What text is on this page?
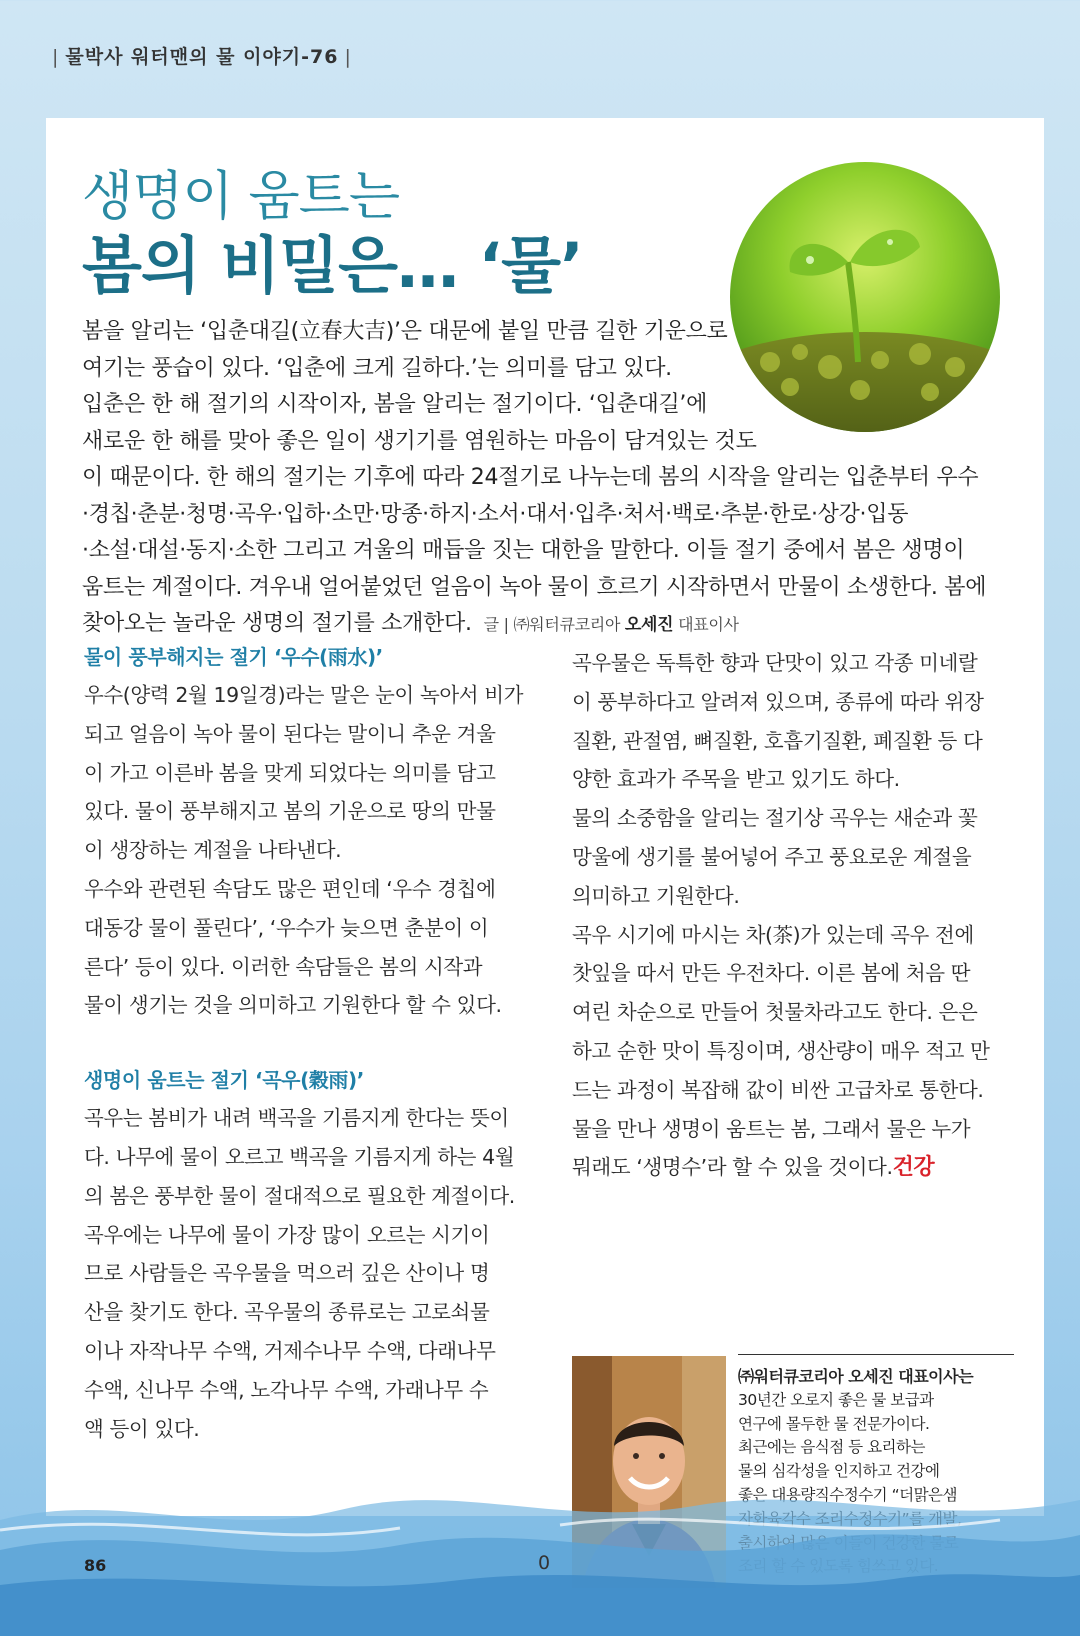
| 물박사 워터맨의 물 이야기-76 |
생명이 움트는
봄의 비밀은… ‘물’
봄을 알리는 ‘입춘대길(立春大吉)’은 대문에 붙일 만큼 길한 기운으로
여기는 풍습이 있다. ‘입춘에 크게 길하다.’는 의미를 담고 있다.
입춘은 한 해 절기의 시작이자, 봄을 알리는 절기이다. ‘입춘대길’에
새로운 한 해를 맞아 좋은 일이 생기기를 염원하는 마음이 담겨있는 것도
이 때문이다. 한 해의 절기는 기후에 따라 24절기로 나누는데 봄의 시작을 알리는 입춘부터 우수
·경칩·춘분·청명·곡우·입하·소만·망종·하지·소서·대서·입추·처서·백로·추분·한로·상강·입동
·소설·대설·동지·소한 그리고 겨울의 매듭을 짓는 대한을 말한다. 이들 절기 중에서 봄은 생명이
움트는 계절이다. 겨우내 얼어붙었던 얼음이 녹아 물이 흐르기 시작하면서 만물이 소생한다. 봄에
찾아오는 놀라운 생명의 절기를 소개한다. 글 | ㈜워터큐코리아 오세진 대표이사
물이 풍부해지는 절기 ‘우수(雨水)’
우수(양력 2월 19일경)라는 말은 눈이 녹아서 비가
되고 얼음이 녹아 물이 된다는 말이니 추운 겨울
이 가고 이른바 봄을 맞게 되었다는 의미를 담고
있다. 물이 풍부해지고 봄의 기운으로 땅의 만물
이 생장하는 계절을 나타낸다.
우수와 관련된 속담도 많은 편인데 ‘우수 경칩에
대동강 물이 풀린다’, ‘우수가 늦으면 춘분이 이
른다’ 등이 있다. 이러한 속담들은 봄의 시작과
물이 생기는 것을 의미하고 기원한다 할 수 있다.
생명이 움트는 절기 ‘곡우(穀雨)’
곡우는 봄비가 내려 백곡을 기름지게 한다는 뜻이
다. 나무에 물이 오르고 백곡을 기름지게 하는 4월
의 봄은 풍부한 물이 절대적으로 필요한 계절이다.
곡우에는 나무에 물이 가장 많이 오르는 시기이
므로 사람들은 곡우물을 먹으러 깊은 산이나 명
산을 찾기도 한다. 곡우물의 종류로는 고로쇠물
이나 자작나무 수액, 거제수나무 수액, 다래나무
수액, 신나무 수액, 노각나무 수액, 가래나무 수
액 등이 있다.
곡우물은 독특한 향과 단맛이 있고 각종 미네랄
이 풍부하다고 알려져 있으며, 종류에 따라 위장
질환, 관절염, 뼈질환, 호흡기질환, 폐질환 등 다
양한 효과가 주목을 받고 있기도 하다.
물의 소중함을 알리는 절기상 곡우는 새순과 꽃
망울에 생기를 불어넣어 주고 풍요로운 계절을
의미하고 기원한다.
곡우 시기에 마시는 차(茶)가 있는데 곡우 전에
찻잎을 따서 만든 우전차다. 이른 봄에 처음 딴
여린 차순으로 만들어 첫물차라고도 한다. 은은
하고 순한 맛이 특징이며, 생산량이 매우 적고 만
드는 과정이 복잡해 값이 비싼 고급차로 통한다.
물을 만나 생명이 움트는 봄, 그래서 물은 누가
뭐래도 ‘생명수’라 할 수 있을 것이다.건강
㈜워터큐코리아 오세진 대표이사는
30년간 오로지 좋은 물 보급과
연구에 몰두한 물 전문가이다.
최근에는 음식점 등 요리하는
물의 심각성을 인지하고 건강에
좋은 대용량직수정수기 “더맑은샘
86	0
